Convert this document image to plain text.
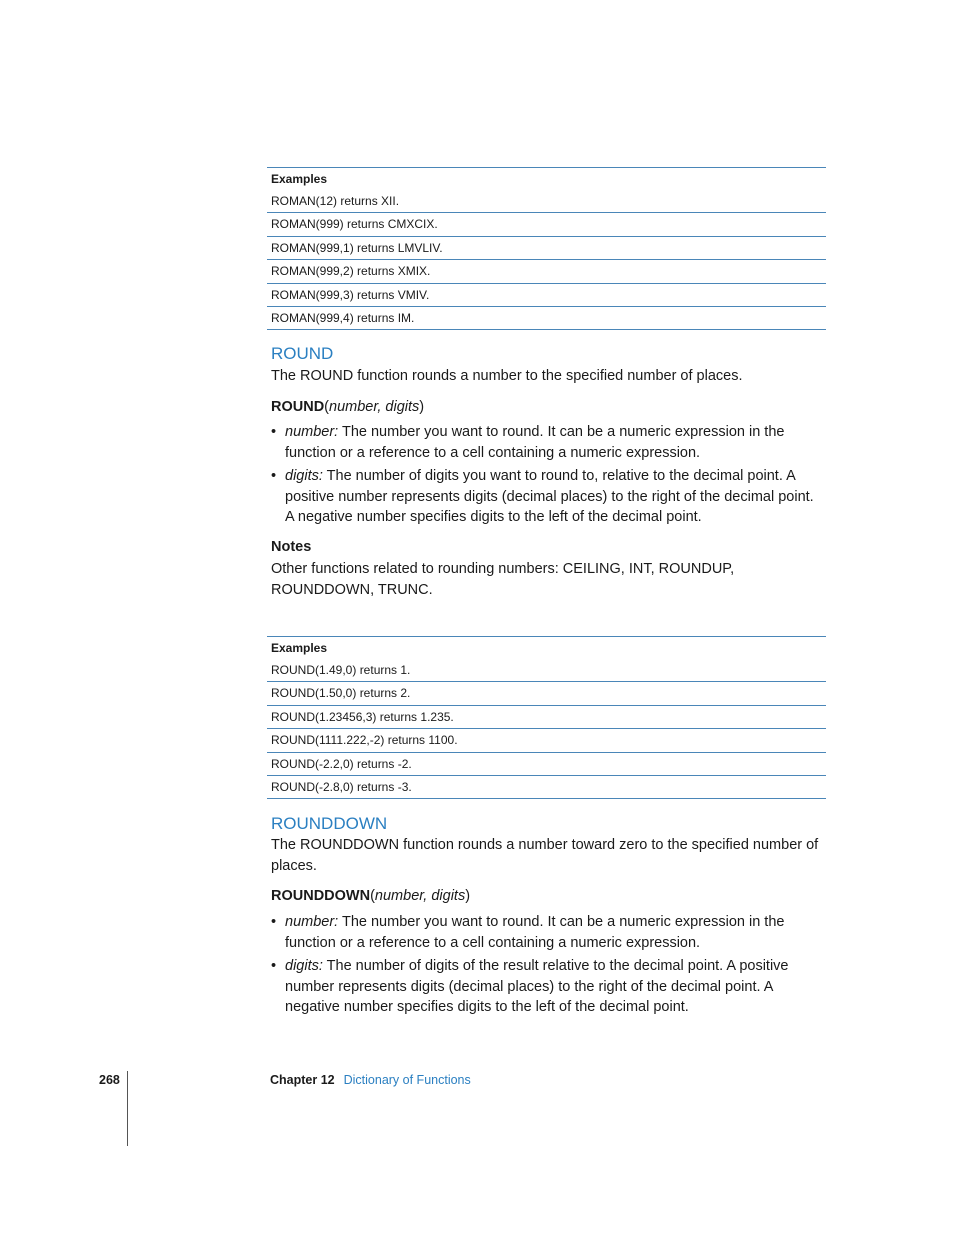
Examples
ROMAN(12) returns XII.
ROMAN(999) returns CMXCIX.
ROMAN(999,1) returns LMVLIV.
ROMAN(999,2) returns XMIX.
ROMAN(999,3) returns VMIV.
ROMAN(999,4) returns IM.
ROUND

The ROUND function rounds a number to the specified number of places.

ROUND(number, digits)
• number: The number you want to round. It can be a numeric expression in the function or a reference to a cell containing a numeric expression.
• digits: The number of digits you want to round to, relative to the decimal point. A positive number represents digits (decimal places) to the right of the decimal point. A negative number specifies digits to the left of the decimal point.
Notes

Other functions related to rounding numbers: CEILING, INT, ROUNDUP, ROUNDDOWN, TRUNC.

Examples
ROUND(1.49,0) returns 1.
ROUND(1.50,0) returns 2.
ROUND(1.23456,3) returns 1.235.
ROUND(1111.222,-2) returns 1100.
ROUND(-2.2,0) returns -2.
ROUND(-2.8,0) returns -3.
ROUNDDOWN

The ROUNDDOWN function rounds a number toward zero to the specified number of places.

ROUNDDOWN(number, digits)
• number: The number you want to round. It can be a numeric expression in the function or a reference to a cell containing a numeric expression.
• digits: The number of digits of the result relative to the decimal point. A positive number represents digits (decimal places) to the right of the decimal point. A negative number specifies digits to the left of the decimal point.
268	Chapter 12 Dictionary of Functions
